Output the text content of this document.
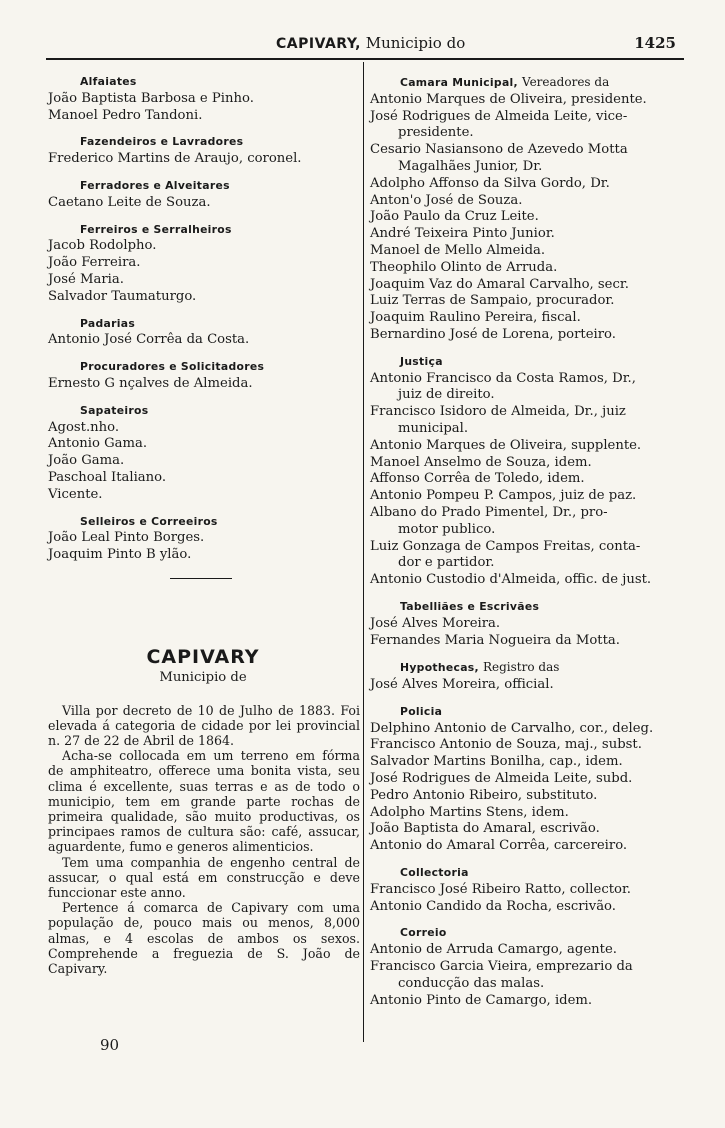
CAPIVARY, Municipio do	1425
Alfaiates
João Baptista Barbosa e Pinho.
Manoel Pedro Tandoni.
Fazendeiros e Lavradores
Frederico Martins de Araujo, coronel.
Ferradores e Alveitares
Caetano Leite de Souza.
Ferreiros e Serralheiros
Jacob Rodolpho.
João Ferreira.
José Maria.
Salvador Taumaturgo.
Padarias
Antonio José Corrêa da Costa.
Procuradores e Solicitadores
Ernesto G nçalves de Almeida.
Sapateiros
Agost.nho.
Antonio Gama.
João Gama.
Paschoal Italiano.
Vicente.
Selleiros e Correeiros
João Leal Pinto Borges.
Joaquim Pinto B ylão.
CAPIVARY
Municipio de
Villa por decreto de 10 de Julho de 1883. Foi elevada á categoria de cidade por lei provincial n. 27 de 22 de Abril de 1864.
Acha-se collocada em um terreno em fórma de amphiteatro, offerece uma bonita vista, seu clima é excellente, suas terras e as de todo o municipio, tem em grande parte rochas de primeira qualidade, são muito productivas, os principaes ramos de cultura são: café, assucar, aguardente, fumo e generos alimenticios.
Tem uma companhia de engenho central de assucar, o qual está em construcção e deve funccionar este anno.
Pertence á comarca de Capivary com uma população de, pouco mais ou menos, 8,000 almas, e 4 escolas de ambos os sexos. Comprehende a freguezia de S. João de Capivary.
Camara Municipal, Vereadores da
Antonio Marques de Oliveira, presidente.
José Rodrigues de Almeida Leite, vice-
presidente.
Cesario Nasiansono de Azevedo Motta
Magalhães Junior, Dr.
Adolpho Affonso da Silva Gordo, Dr.
Anton'o José de Souza.
João Paulo da Cruz Leite.
André Teixeira Pinto Junior.
Manoel de Mello Almeida.
Theophilo Olinto de Arruda.
Joaquim Vaz do Amaral Carvalho, secr.
Luiz Terras de Sampaio, procurador.
Joaquim Raulino Pereira, fiscal.
Bernardino José de Lorena, porteiro.
Justiça
Antonio Francisco da Costa Ramos, Dr.,
juiz de direito.
Francisco Isidoro de Almeida, Dr., juiz
municipal.
Antonio Marques de Oliveira, supplente.
Manoel Anselmo de Souza, idem.
Affonso Corrêa de Toledo, idem.
Antonio Pompeu P. Campos, juiz de paz.
Albano do Prado Pimentel, Dr., pro-
motor publico.
Luiz Gonzaga de Campos Freitas, conta-
dor e partidor.
Antonio Custodio d'Almeida, offic. de just.
Tabelliães e Escrivães
José Alves Moreira.
Fernandes Maria Nogueira da Motta.
Hypothecas, Registro das
José Alves Moreira, official.
Policia
Delphino Antonio de Carvalho, cor., deleg.
Francisco Antonio de Souza, maj., subst.
Salvador Martins Bonilha, cap., idem.
José Rodrigues de Almeida Leite, subd.
Pedro Antonio Ribeiro, substituto.
Adolpho Martins Stens, idem.
João Baptista do Amaral, escrivão.
Antonio do Amaral Corrêa, carcereiro.
Collectoria
Francisco José Ribeiro Ratto, collector.
Antonio Candido da Rocha, escrivão.
Correio
Antonio de Arruda Camargo, agente.
Francisco Garcia Vieira, emprezario da
conducção das malas.
Antonio Pinto de Camargo, idem.
90
